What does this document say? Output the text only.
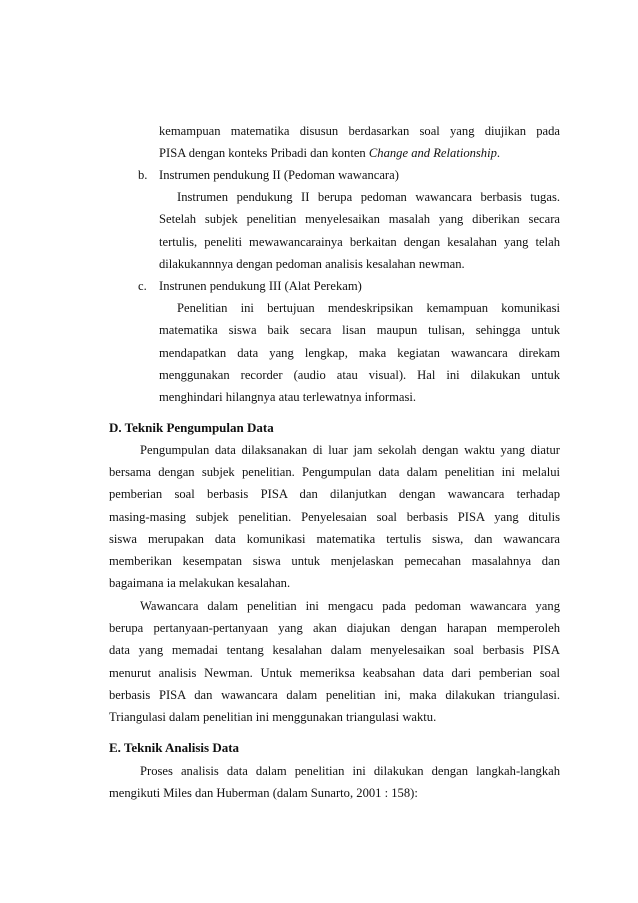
kemampuan matematika disusun berdasarkan soal yang diujikan pada
PISA dengan konteks Pribadi dan konten Change and Relationship.
b. Instrumen pendukung II (Pedoman wawancara)
Instrumen pendukung II berupa pedoman wawancara berbasis tugas.
Setelah subjek penelitian menyelesaikan masalah yang diberikan secara
tertulis, peneliti mewawancarainya berkaitan dengan kesalahan yang telah
dilakukannnya dengan pedoman analisis kesalahan newman.
c. Instrunen pendukung III (Alat Perekam)
Penelitian ini bertujuan mendeskripsikan kemampuan komunikasi
matematika siswa baik secara lisan maupun tulisan, sehingga untuk
mendapatkan data yang lengkap, maka kegiatan wawancara direkam
menggunakan recorder (audio atau visual). Hal ini dilakukan untuk
menghindari hilangnya atau terlewatnya informasi.
D. Teknik Pengumpulan Data
Pengumpulan data dilaksanakan di luar jam sekolah dengan waktu yang diatur
bersama dengan subjek penelitian. Pengumpulan data dalam penelitian ini melalui
pemberian soal berbasis PISA dan dilanjutkan dengan wawancara terhadap
masing-masing subjek penelitian. Penyelesaian soal berbasis PISA yang ditulis
siswa merupakan data komunikasi matematika tertulis siswa, dan wawancara
memberikan kesempatan siswa untuk menjelaskan pemecahan masalahnya dan
bagaimana ia melakukan kesalahan.
Wawancara dalam penelitian ini mengacu pada pedoman wawancara yang
berupa pertanyaan-pertanyaan yang akan diajukan dengan harapan memperoleh
data yang memadai tentang kesalahan dalam menyelesaikan soal berbasis PISA
menurut analisis Newman. Untuk memeriksa keabsahan data dari pemberian soal
berbasis PISA dan wawancara dalam penelitian ini, maka dilakukan triangulasi.
Triangulasi dalam penelitian ini menggunakan triangulasi waktu.
E. Teknik Analisis Data
Proses analisis data dalam penelitian ini dilakukan dengan langkah-langkah
mengikuti Miles dan Huberman (dalam Sunarto, 2001 : 158):
